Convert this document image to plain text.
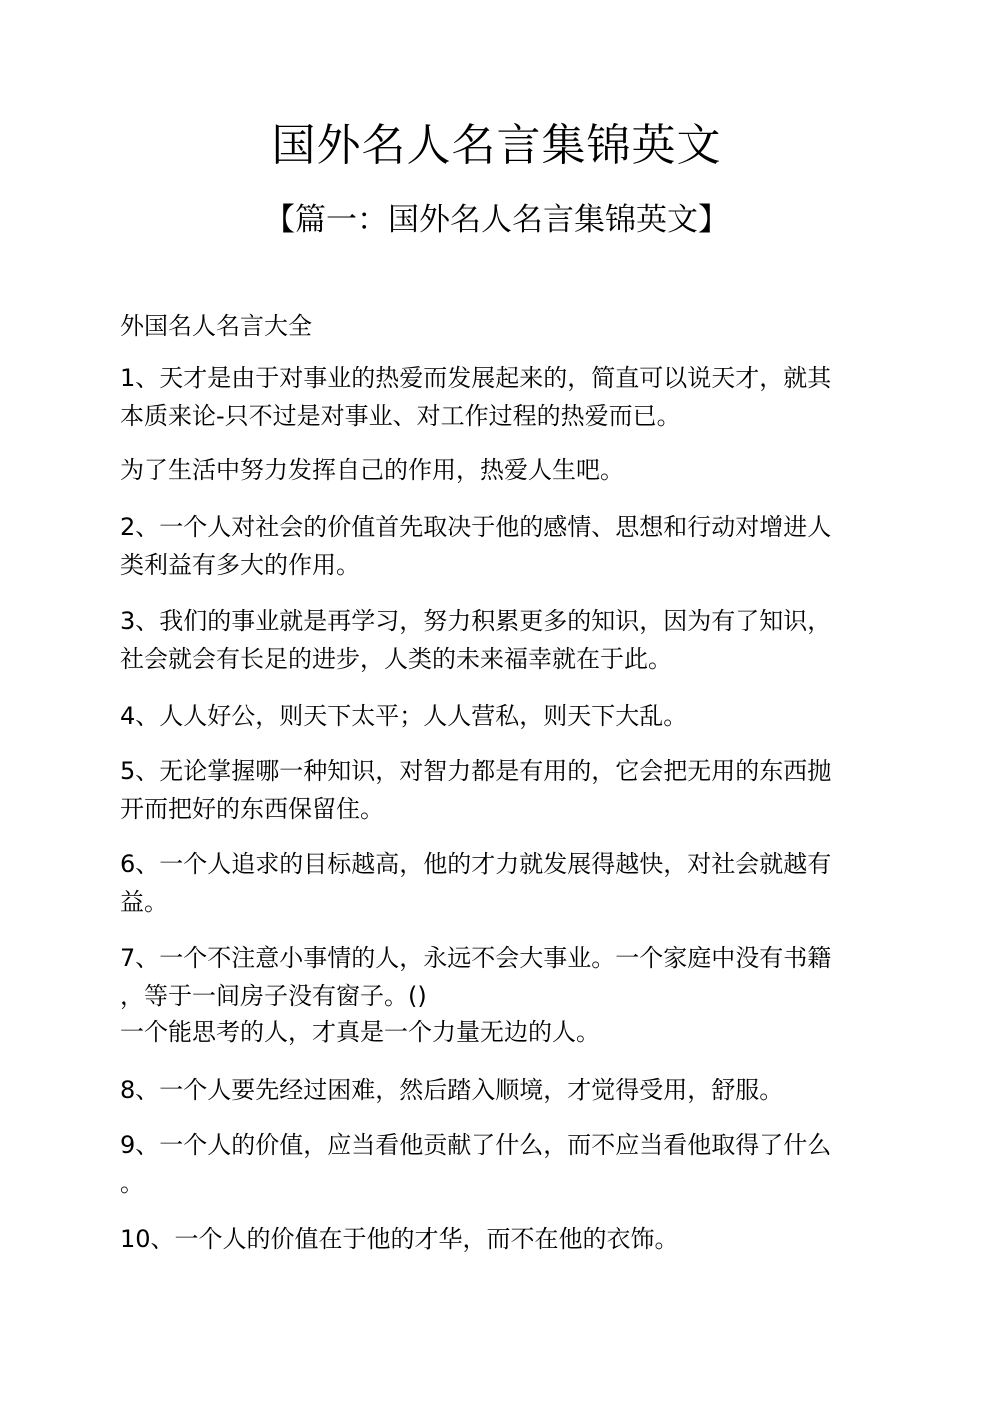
国外名人名言集锦英文
【篇一：国外名人名言集锦英文】
外国名人名言大全
1、天才是由于对事业的热爱而发展起来的，简直可以说天才，就其
本质来论-只不过是对事业、对工作过程的热爱而已。
为了生活中努力发挥自己的作用，热爱人生吧。
2、一个人对社会的价值首先取决于他的感情、思想和行动对增进人
类利益有多大的作用。
3、我们的事业就是再学习，努力积累更多的知识，因为有了知识，
社会就会有长足的进步，人类的未来福幸就在于此。
4、人人好公，则天下太平；人人营私，则天下大乱。
5、无论掌握哪一种知识，对智力都是有用的，它会把无用的东西抛
开而把好的东西保留住。
6、一个人追求的目标越高，他的才力就发展得越快，对社会就越有
益。
7、一个不注意小事情的人，永远不会大事业。一个家庭中没有书籍
，等于一间房子没有窗子。()
一个能思考的人，才真是一个力量无边的人。
8、一个人要先经过困难，然后踏入顺境，才觉得受用，舒服。
9、一个人的价值，应当看他贡献了什么，而不应当看他取得了什么
。
10、一个人的价值在于他的才华，而不在他的衣饰。
